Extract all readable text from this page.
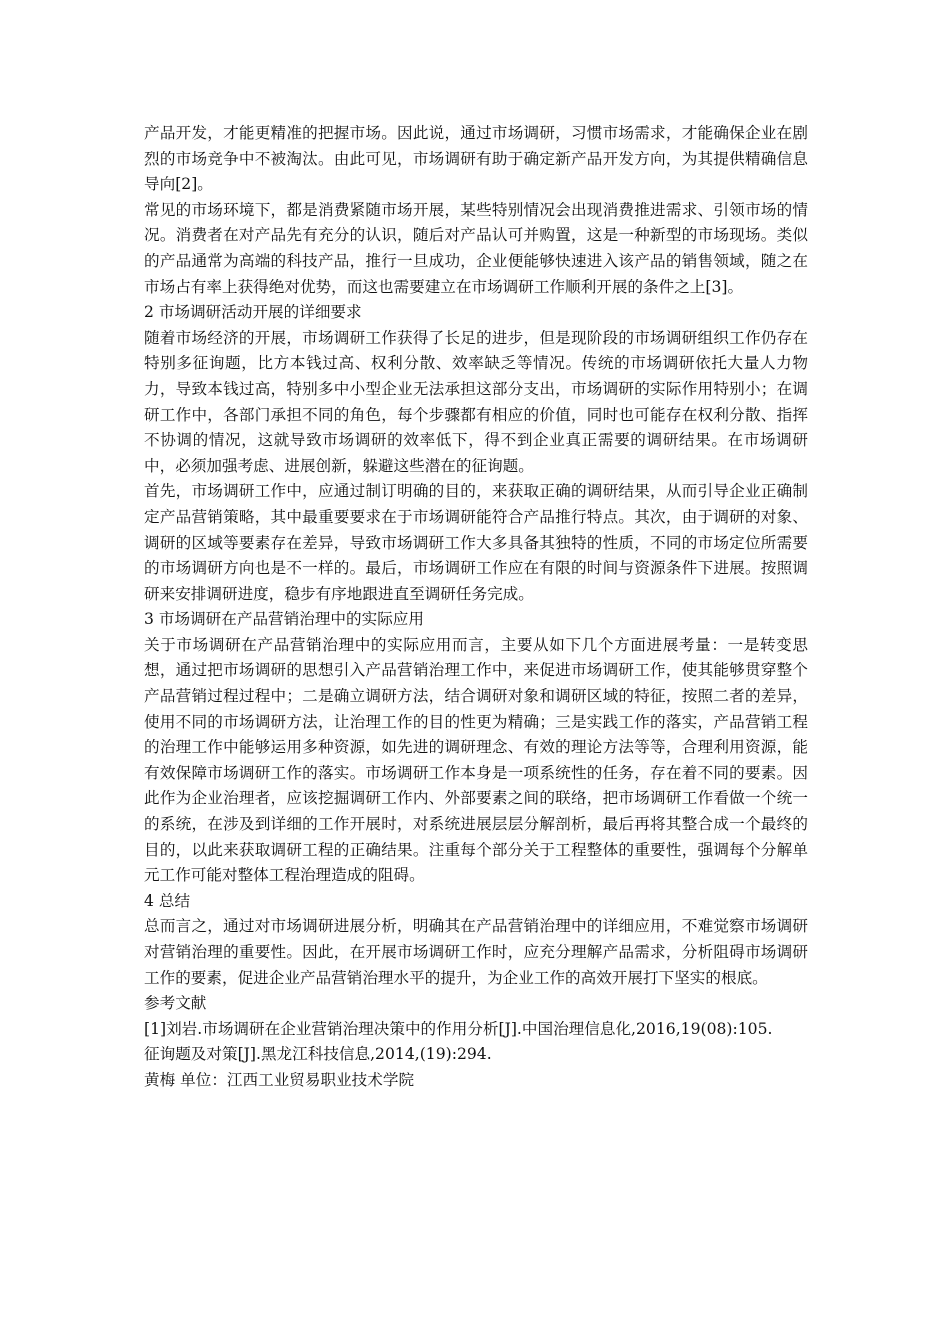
产品开发，才能更精准的把握市场。因此说，通过市场调研，习惯市场需求，才能确保企业在剧烈的市场竞争中不被淘汰。由此可见，市场调研有助于确定新产品开发方向，为其提供精确信息导向[2]。

常见的市场环境下，都是消费紧随市场开展，某些特别情况会出现消费推进需求、引领市场的情况。消费者在对产品先有充分的认识，随后对产品认可并购置，这是一种新型的市场现场。类似的产品通常为高端的科技产品，推行一旦成功，企业便能够快速进入该产品的销售领域，随之在市场占有率上获得绝对优势，而这也需要建立在市场调研工作顺利开展的条件之上[3]。

2 市场调研活动开展的详细要求

随着市场经济的开展，市场调研工作获得了长足的进步，但是现阶段的市场调研组织工作仍存在特别多征询题，比方本钱过高、权利分散、效率缺乏等情况。传统的市场调研依托大量人力物力，导致本钱过高，特别多中小型企业无法承担这部分支出，市场调研的实际作用特别小；在调研工作中，各部门承担不同的角色，每个步骤都有相应的价值，同时也可能存在权利分散、指挥不协调的情况，这就导致市场调研的效率低下，得不到企业真正需要的调研结果。在市场调研中，必须加强考虑、进展创新，躲避这些潜在的征询题。

首先，市场调研工作中，应通过制订明确的目的，来获取正确的调研结果，从而引导企业正确制定产品营销策略，其中最重要要求在于市场调研能符合产品推行特点。其次，由于调研的对象、调研的区域等要素存在差异，导致市场调研工作大多具备其独特的性质，不同的市场定位所需要的市场调研方向也是不一样的。最后，市场调研工作应在有限的时间与资源条件下进展。按照调研来安排调研进度，稳步有序地跟进直至调研任务完成。

3 市场调研在产品营销治理中的实际应用

关于市场调研在产品营销治理中的实际应用而言，主要从如下几个方面进展考量：一是转变思想，通过把市场调研的思想引入产品营销治理工作中，来促进市场调研工作，使其能够贯穿整个产品营销过程过程中；二是确立调研方法，结合调研对象和调研区域的特征，按照二者的差异，使用不同的市场调研方法，让治理工作的目的性更为精确；三是实践工作的落实，产品营销工程的治理工作中能够运用多种资源，如先进的调研理念、有效的理论方法等等，合理利用资源，能有效保障市场调研工作的落实。市场调研工作本身是一项系统性的任务，存在着不同的要素。因此作为企业治理者，应该挖掘调研工作内、外部要素之间的联络，把市场调研工作看做一个统一的系统，在涉及到详细的工作开展时，对系统进展层层分解剖析，最后再将其整合成一个最终的目的，以此来获取调研工程的正确结果。注重每个部分关于工程整体的重要性，强调每个分解单元工作可能对整体工程治理造成的阻碍。

4 总结

总而言之，通过对市场调研进展分析，明确其在产品营销治理中的详细应用，不难觉察市场调研对营销治理的重要性。因此，在开展市场调研工作时，应充分理解产品需求，分析阻碍市场调研工作的要素，促进企业产品营销治理水平的提升，为企业工作的高效开展打下坚实的根底。

参考文献

[1]刘岩.市场调研在企业营销治理决策中的作用分析[J].中国治理信息化,2016,19(08):105.

征询题及对策[J].黑龙江科技信息,2014,(19):294.

黄梅 单位：江西工业贸易职业技术学院
